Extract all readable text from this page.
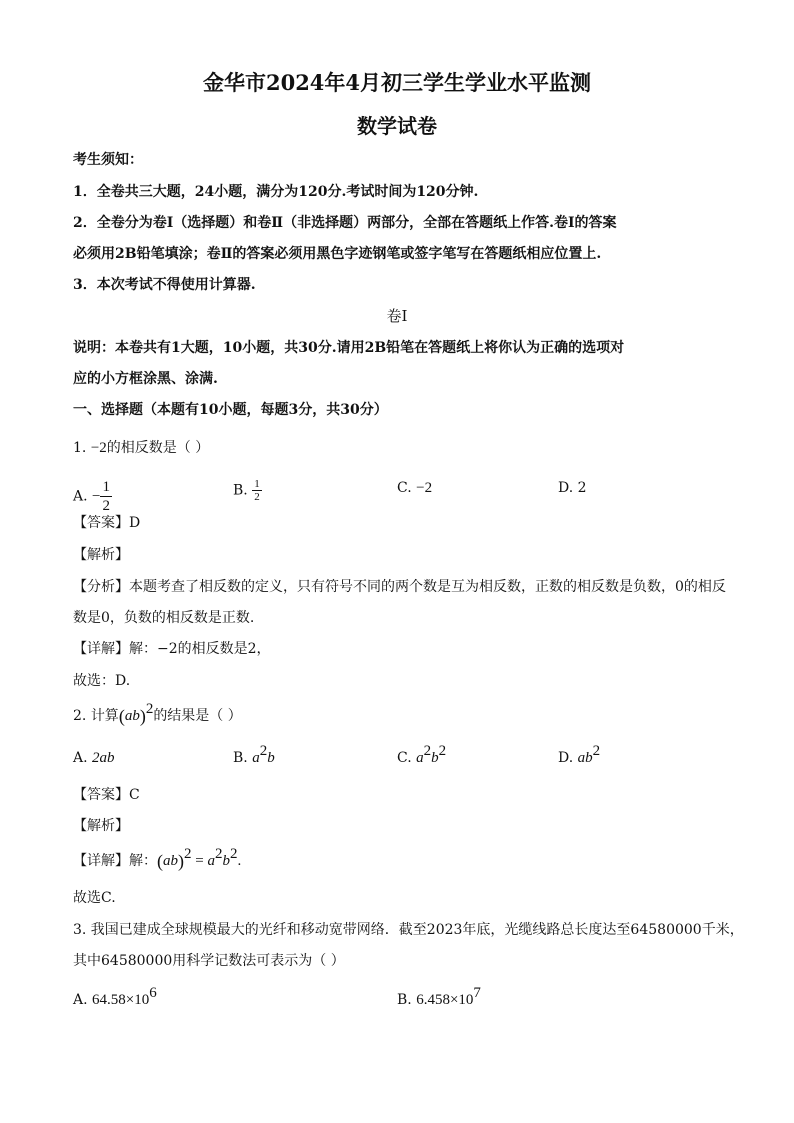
金华市2024年4月初三学生学业水平监测
数学试卷
考生须知：
1．全卷共三大题，24小题，满分为120分.考试时间为120分钟.
2．全卷分为卷Ⅰ（选择题）和卷Ⅱ（非选择题）两部分，全部在答题纸上作答.卷Ⅰ的答案
必须用2B铅笔填涂；卷Ⅱ的答案必须用黑色字迹钢笔或签字笔写在答题纸相应位置上.
3．本次考试不得使用计算器.
卷Ⅰ
说明：本卷共有1大题，10小题，共30分.请用2B铅笔在答题纸上将你认为正确的选项对
应的小方框涂黑、涂满.
一、选择题（本题有10小题，每题3分，共30分）
1. −2的相反数是（ ）
A. − $\frac{1}{2}$	B. $\frac{1}{2}$	C. −2	D. 2
【答案】D
【解析】
【分析】本题考查了相反数的定义，只有符号不同的两个数是互为相反数，正数的相反数是负数，0的相反
数是0，负数的相反数是正数.
【详解】解：−2的相反数是2，
故选：D.
2. 计算(ab)$^2$的结果是（ ）
A. 2ab	B. $a^2b$	C. $a^2b^2$	D. $ab^2$
【答案】C
【解析】
【详解】解：$(ab)^2 = a^2b^2$.
故选C.
3. 我国已建成全球规模最大的光纤和移动宽带网络．截至2023年底，光缆线路总长度达至64580000千米，
其中64580000用科学记数法可表示为（ ）
A. $64.58\times 10^6$	B. $6.458\times 10^7$
